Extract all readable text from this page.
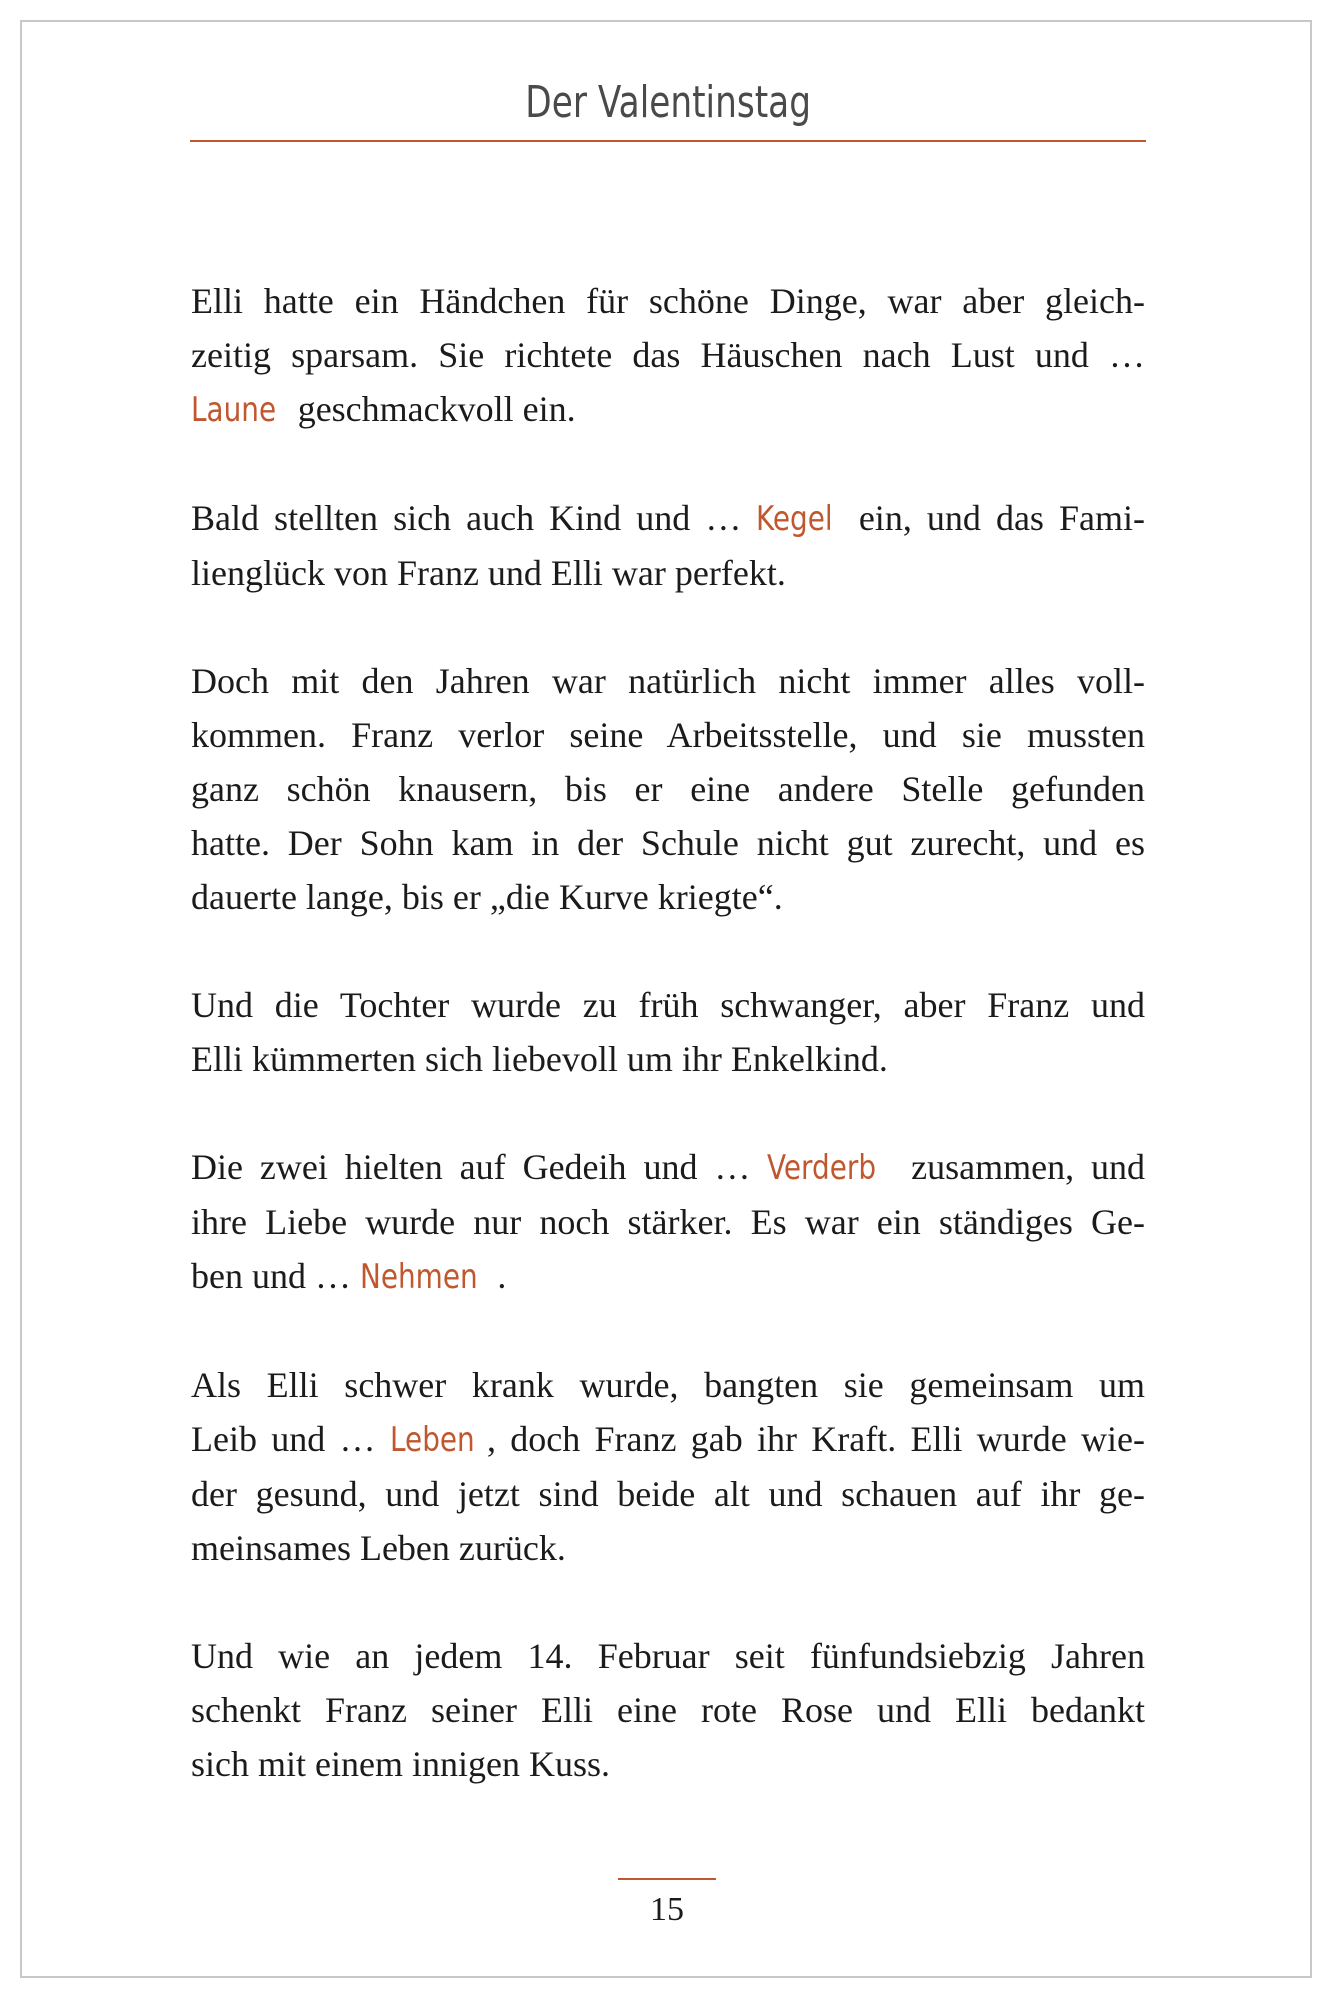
Der Valentinstag

Elli hatte ein Händchen für schöne Dinge, war aber gleich-
zeitig sparsam. Sie richtete das Häuschen nach Lust und …
Laune geschmackvoll ein.

Bald stellten sich auch Kind und … Kegel ein, und das Fami-
lienglück von Franz und Elli war perfekt.

Doch mit den Jahren war natürlich nicht immer alles voll-
kommen. Franz verlor seine Arbeitsstelle, und sie mussten
ganz schön knausern, bis er eine andere Stelle gefunden
hatte. Der Sohn kam in der Schule nicht gut zurecht, und es
dauerte lange, bis er „die Kurve kriegte“.

Und die Tochter wurde zu früh schwanger, aber Franz und
Elli kümmerten sich liebevoll um ihr Enkelkind.

Die zwei hielten auf Gedeih und … Verderb zusammen, und
ihre Liebe wurde nur noch stärker. Es war ein ständiges Ge-
ben und … Nehmen .

Als Elli schwer krank wurde, bangten sie gemeinsam um
Leib und … Leben , doch Franz gab ihr Kraft. Elli wurde wie-
der gesund, und jetzt sind beide alt und schauen auf ihr ge-
meinsames Leben zurück.

Und wie an jedem 14. Februar seit fünfundsiebzig Jahren
schenkt Franz seiner Elli eine rote Rose und Elli bedankt
sich mit einem innigen Kuss.

15
